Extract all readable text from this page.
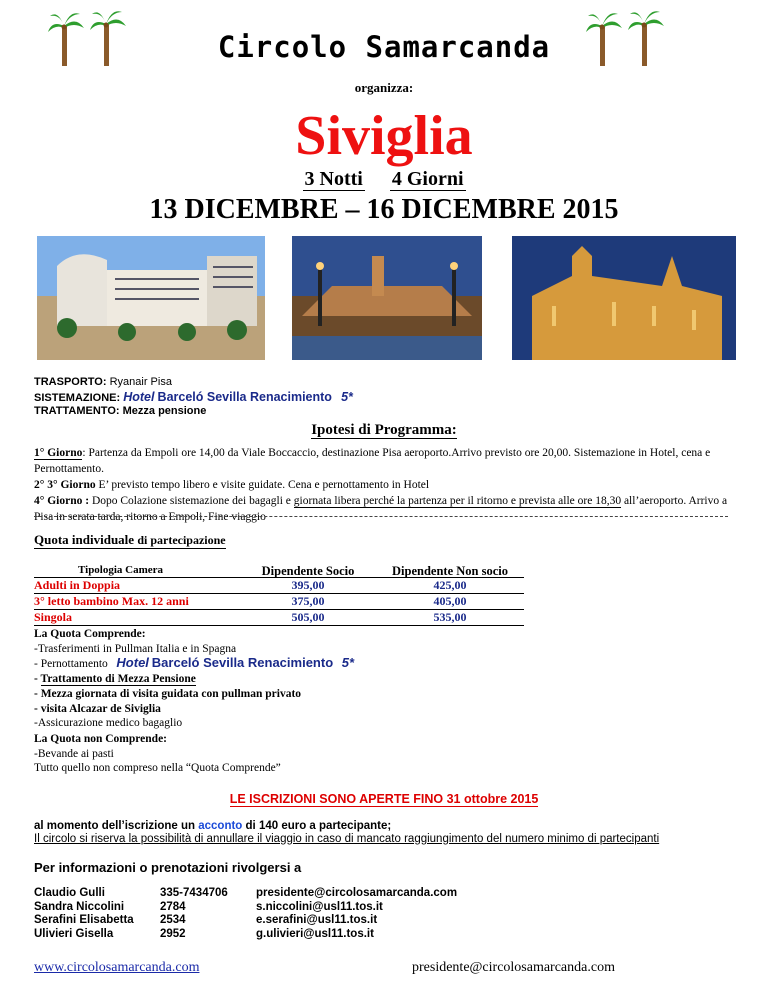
Circolo Samarcanda
organizza:
Siviglia
3 Notti 4 Giorni
13 DICEMBRE – 16 DICEMBRE 2015
TRASPORTO: Ryanair Pisa
SISTEMAZIONE: Hotel Barceló Sevilla Renacimiento 5*
TRATTAMENTO: Mezza pensione
Ipotesi di Programma:
1° Giorno: Partenza da Empoli ore 14,00 da Viale Boccaccio, destinazione Pisa aeroporto.Arrivo previsto ore 20,00. Sistemazione in Hotel, cena e Pernottamento.
2° 3° Giorno E’ previsto tempo libero e visite guidate. Cena e pernottamento in Hotel
4° Giorno : Dopo Colazione sistemazione dei bagagli e giornata libera perché la partenza per il ritorno e prevista alle ore 18,30 all’aeroporto. Arrivo a Pisa in serata tarda, ritorno a Empoli, Fine viaggio
Quota individuale di partecipazione
Tipologia Camera	Dipendente Socio	Dipendente Non socio
Adulti in Doppia	395,00	425,00
3° letto bambino Max. 12 anni	375,00	405,00
Singola	505,00	535,00
La Quota Comprende:
-Trasferimenti in Pullman Italia e in Spagna
- Pernottamento Hotel Barceló Sevilla Renacimiento 5*
- Trattamento di Mezza Pensione
- Mezza giornata di visita guidata con pullman privato
- visita Alcazar de Siviglia
-Assicurazione medico bagaglio
La Quota non Comprende:
-Bevande ai pasti
Tutto quello non compreso nella “Quota Comprende”
LE ISCRIZIONI SONO APERTE FINO 31 ottobre 2015
al momento dell’iscrizione un acconto di 140 euro a partecipante;
Il circolo si riserva la possibilità di annullare il viaggio in caso di mancato raggiungimento del numero minimo di partecipanti
Per informazioni o prenotazioni rivolgersi a
Claudio Gulli	335-7434706 presidente@circolosamarcanda.com
Sandra Niccolini	2784	s.niccolini@usl11.tos.it
Serafini Elisabetta 2534	e.serafini@usl11.tos.it
Ulivieri Gisella	2952	g.ulivieri@usl11.tos.it
www.circolosamarcanda.com	presidente@circolosamarcanda.com
